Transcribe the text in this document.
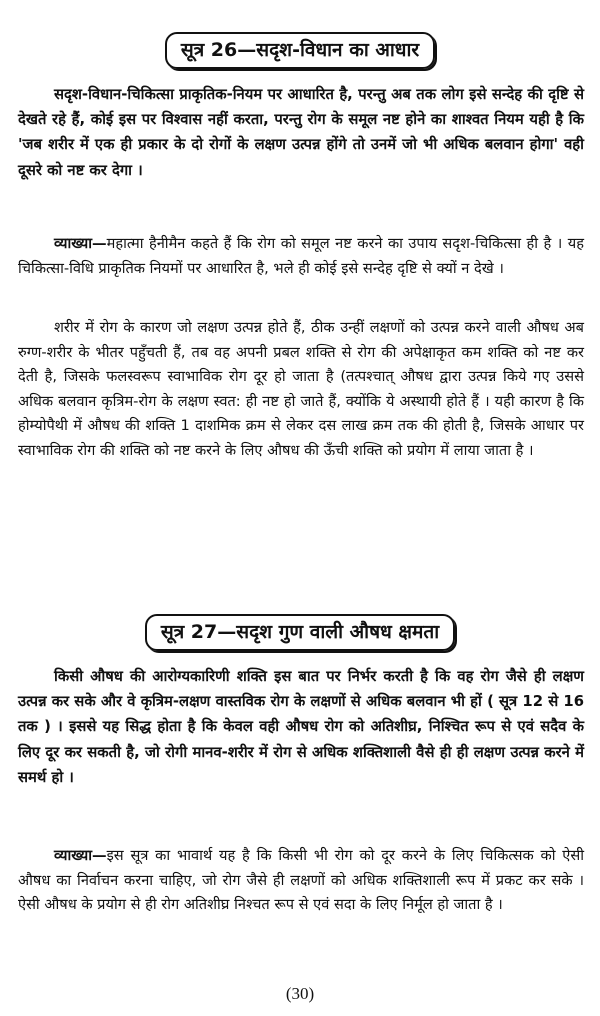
सूत्र 26—सदृश-विधान का आधार

सदृश-विधान-चिकित्सा प्राकृतिक-नियम पर आधारित है, परन्तु अब तक लोग इसे सन्देह की दृष्टि से देखते रहे हैं, कोई इस पर विश्वास नहीं करता, परन्तु रोग के समूल नष्ट होने का शाश्वत नियम यही है कि 'जब शरीर में एक ही प्रकार के दो रोगों के लक्षण उत्पन्न होंगे तो उनमें जो भी अधिक बलवान होगा' वही दूसरे को नष्ट कर देगा ।

व्याख्या—महात्मा हैनीमैन कहते हैं कि रोग को समूल नष्ट करने का उपाय सदृश-चिकित्सा ही है । यह चिकित्सा-विधि प्राकृतिक नियमों पर आधारित है, भले ही कोई इसे सन्देह दृष्टि से क्यों न देखे ।

शरीर में रोग के कारण जो लक्षण उत्पन्न होते हैं, ठीक उन्हीं लक्षणों को उत्पन्न करने वाली औषध अब रुग्ण-शरीर के भीतर पहुँचती हैं, तब वह अपनी प्रबल शक्ति से रोग की अपेक्षाकृत कम शक्ति को नष्ट कर देती है, जिसके फलस्वरूप स्वाभाविक रोग दूर हो जाता है (तत्पश्चात् औषध द्वारा उत्पन्न किये गए उससे अधिक बलवान कृत्रिम-रोग के लक्षण स्वत: ही नष्ट हो जाते हैं, क्योंकि ये अस्थायी होते हैं । यही कारण है कि होम्योपैथी में औषध की शक्ति 1 दाशमिक क्रम से लेकर दस लाख क्रम तक की होती है, जिसके आधार पर स्वाभाविक रोग की शक्ति को नष्ट करने के लिए औषध की ऊँची शक्ति को प्रयोग में लाया जाता है ।

सूत्र 27—सदृश गुण वाली औषध क्षमता

किसी औषध की आरोग्यकारिणी शक्ति इस बात पर निर्भर करती है कि वह रोग जैसे ही लक्षण उत्पन्न कर सके और वे कृत्रिम-लक्षण वास्तविक रोग के लक्षणों से अधिक बलवान भी हों ( सूत्र 12 से 16 तक ) । इससे यह सिद्ध होता है कि केवल वही औषध रोग को अतिशीघ्र, निश्चित रूप से एवं सदैव के लिए दूर कर सकती है, जो रोगी मानव-शरीर में रोग से अधिक शक्तिशाली वैसे ही ही लक्षण उत्पन्न करने में समर्थ हो ।

व्याख्या—इस सूत्र का भावार्थ यह है कि किसी भी रोग को दूर करने के लिए चिकित्सक को ऐसी औषध का निर्वाचन करना चाहिए, जो रोग जैसे ही लक्षणों को अधिक शक्तिशाली रूप में प्रकट कर सके । ऐसी औषध के प्रयोग से ही रोग अतिशीघ्र निश्चत रूप से एवं सदा के लिए निर्मूल हो जाता है ।

(30)
